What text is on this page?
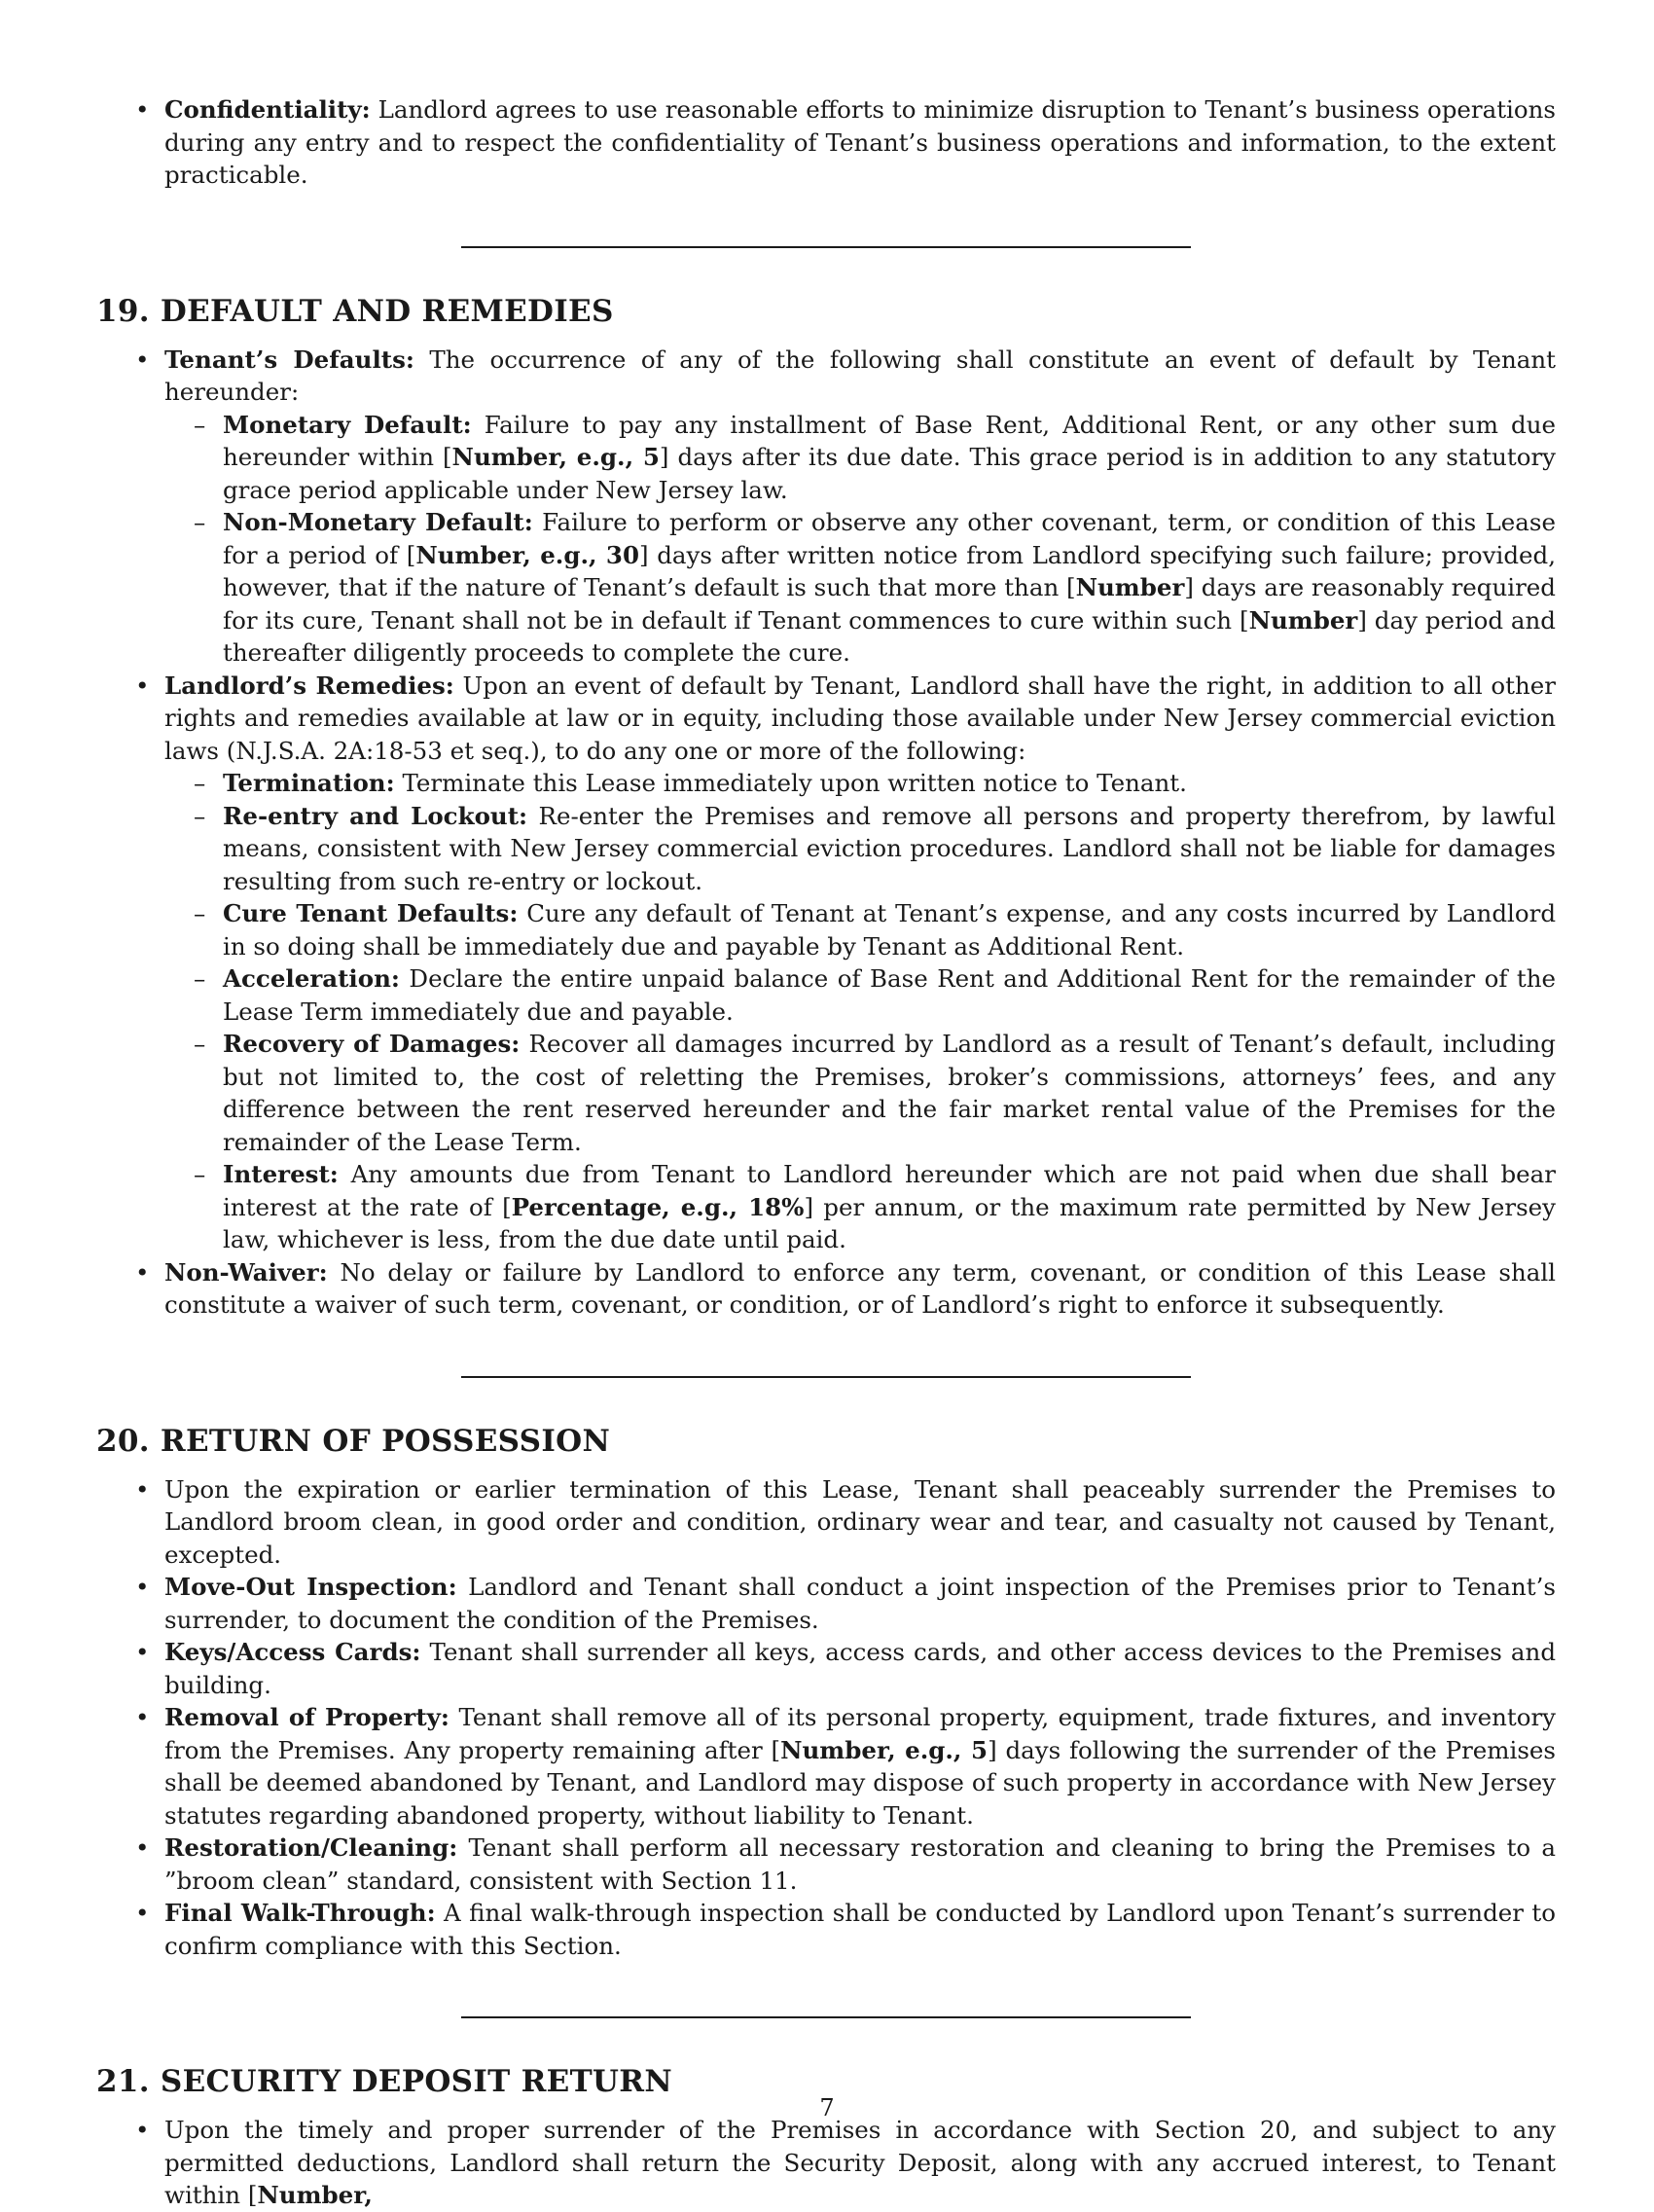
• Confidentiality: Landlord agrees to use reasonable efforts to minimize disruption to Tenant’s business operations during any entry and to respect the confidentiality of Tenant’s business operations and information, to the extent practicable.
19. DEFAULT AND REMEDIES
• Tenant’s Defaults: The occurrence of any of the following shall constitute an event of default by Tenant hereunder:
– Monetary Default: Failure to pay any installment of Base Rent, Additional Rent, or any other sum due hereunder within [Number, e.g., 5] days after its due date. This grace period is in addition to any statutory grace period applicable under New Jersey law.
– Non-Monetary Default: Failure to perform or observe any other covenant, term, or condition of this Lease for a period of [Number, e.g., 30] days after written notice from Landlord specifying such failure; provided, however, that if the nature of Tenant’s default is such that more than [Number] days are reasonably required for its cure, Tenant shall not be in default if Tenant commences to cure within such [Number] day period and thereafter diligently proceeds to complete the cure.
• Landlord’s Remedies: Upon an event of default by Tenant, Landlord shall have the right, in addition to all other rights and remedies available at law or in equity, including those available under New Jersey commercial eviction laws (N.J.S.A. 2A:18-53 et seq.), to do any one or more of the following:
– Termination: Terminate this Lease immediately upon written notice to Tenant.
– Re-entry and Lockout: Re-enter the Premises and remove all persons and property therefrom, by lawful means, consistent with New Jersey commercial eviction procedures. Landlord shall not be liable for damages resulting from such re-entry or lockout.
– Cure Tenant Defaults: Cure any default of Tenant at Tenant’s expense, and any costs incurred by Landlord in so doing shall be immediately due and payable by Tenant as Additional Rent.
– Acceleration: Declare the entire unpaid balance of Base Rent and Additional Rent for the remainder of the Lease Term immediately due and payable.
– Recovery of Damages: Recover all damages incurred by Landlord as a result of Tenant’s default, including but not limited to, the cost of reletting the Premises, broker’s commissions, attorneys’ fees, and any difference between the rent reserved hereunder and the fair market rental value of the Premises for the remainder of the Lease Term.
– Interest: Any amounts due from Tenant to Landlord hereunder which are not paid when due shall bear interest at the rate of [Percentage, e.g., 18%] per annum, or the maximum rate permitted by New Jersey law, whichever is less, from the due date until paid.
• Non-Waiver: No delay or failure by Landlord to enforce any term, covenant, or condition of this Lease shall constitute a waiver of such term, covenant, or condition, or of Landlord’s right to enforce it subsequently.
20. RETURN OF POSSESSION
• Upon the expiration or earlier termination of this Lease, Tenant shall peaceably surrender the Premises to Landlord broom clean, in good order and condition, ordinary wear and tear, and casualty not caused by Tenant, excepted.
• Move-Out Inspection: Landlord and Tenant shall conduct a joint inspection of the Premises prior to Tenant’s surrender, to document the condition of the Premises.
• Keys/Access Cards: Tenant shall surrender all keys, access cards, and other access devices to the Premises and building.
• Removal of Property: Tenant shall remove all of its personal property, equipment, trade fixtures, and inventory from the Premises. Any property remaining after [Number, e.g., 5] days following the surrender of the Premises shall be deemed abandoned by Tenant, and Landlord may dispose of such property in accordance with New Jersey statutes regarding abandoned property, without liability to Tenant.
• Restoration/Cleaning: Tenant shall perform all necessary restoration and cleaning to bring the Premises to a ”broom clean” standard, consistent with Section 11.
• Final Walk-Through: A final walk-through inspection shall be conducted by Landlord upon Tenant’s surrender to confirm compliance with this Section.
21. SECURITY DEPOSIT RETURN
• Upon the timely and proper surrender of the Premises in accordance with Section 20, and subject to any permitted deductions, Landlord shall return the Security Deposit, along with any accrued interest, to Tenant within [Number,
7
